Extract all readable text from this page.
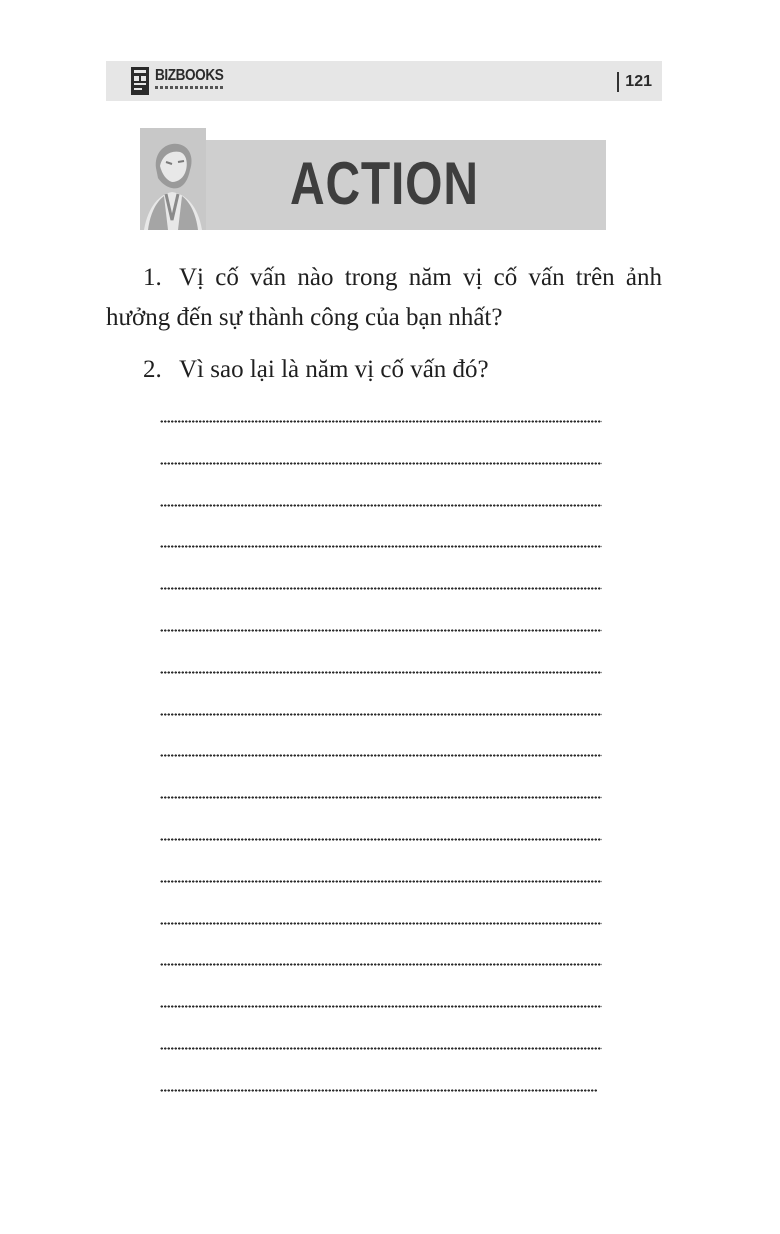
BIZBOOKS	121
ACTION
1. Vị cố vấn nào trong năm vị cố vấn trên ảnh hưởng đến sự thành công của bạn nhất?
2. Vì sao lại là năm vị cố vấn đó?
